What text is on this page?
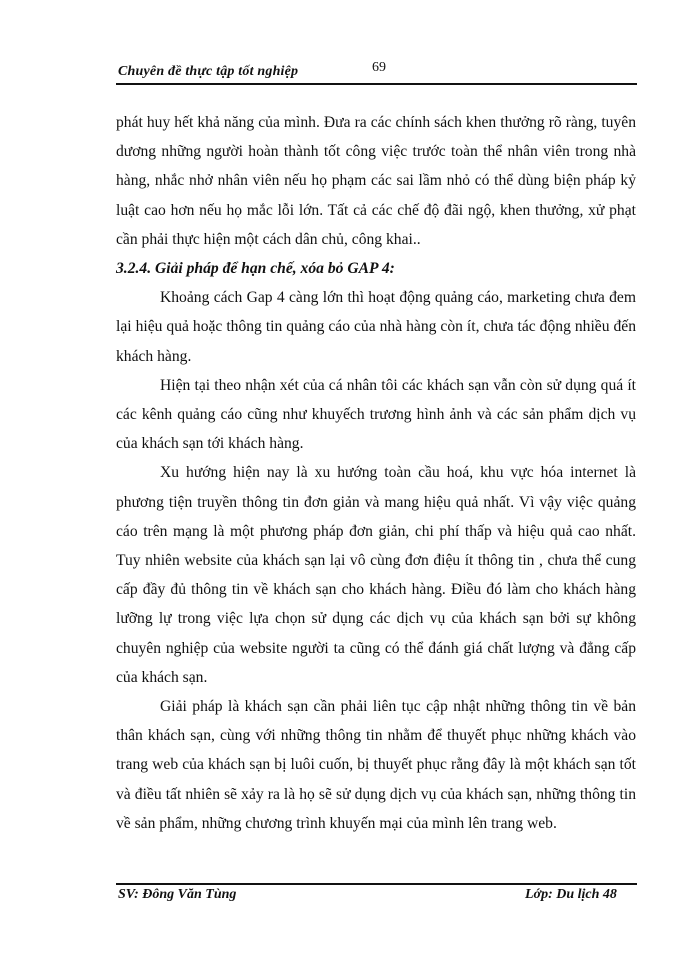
Chuyên đề thực tập tốt nghiệp	69

phát huy hết khả năng của mình. Đưa ra các chính sách khen thưởng rõ ràng, tuyên dương những người hoàn thành tốt công việc trước toàn thể nhân viên trong nhà hàng, nhắc nhở nhân viên nếu họ phạm các sai lầm nhỏ có thể dùng biện pháp kỷ luật cao hơn nếu họ mắc lỗi lớn. Tất cả các chế độ đãi ngộ, khen thưởng, xử phạt cần phải thực hiện một cách dân chủ, công khai..

3.2.4. Giải pháp để hạn chế, xóa bỏ GAP 4:

Khoảng cách Gap 4 càng lớn thì hoạt động quảng cáo, marketing chưa đem lại hiệu quả hoặc thông tin quảng cáo của nhà hàng còn ít, chưa tác động nhiều đến khách hàng.

Hiện tại theo nhận xét của cá nhân tôi các khách sạn vẫn còn sử dụng quá ít các kênh quảng cáo cũng như khuyếch trương hình ảnh và các sản phẩm dịch vụ của khách sạn tới khách hàng.

Xu hướng hiện nay là xu hướng toàn cầu hoá, khu vực hóa internet là phương tiện truyền thông tin đơn giản và mang hiệu quả nhất. Vì vậy việc quảng cáo trên mạng là một phương pháp đơn giản, chi phí thấp và hiệu quả cao nhất. Tuy nhiên website của khách sạn lại vô cùng đơn điệu ít thông tin , chưa thể cung cấp đầy đủ thông tin về khách sạn cho khách hàng. Điều đó làm cho khách hàng lưỡng lự trong việc lựa chọn sử dụng các dịch vụ của khách sạn bởi sự không chuyên nghiệp của website người ta cũng có thể đánh giá chất lượng và đẳng cấp của khách sạn.

Giải pháp là khách sạn cần phải liên tục cập nhật những thông tin về bản thân khách sạn, cùng với những thông tin nhằm để thuyết phục những khách vào trang web của khách sạn bị luôi cuốn, bị thuyết phục rằng đây là một khách sạn tốt và điều tất nhiên sẽ xảy ra là họ sẽ sử dụng dịch vụ của khách sạn, những thông tin về sản phẩm, những chương trình khuyến mại của mình lên trang web.

SV: Đông Văn Tùng	Lớp: Du lịch 48
